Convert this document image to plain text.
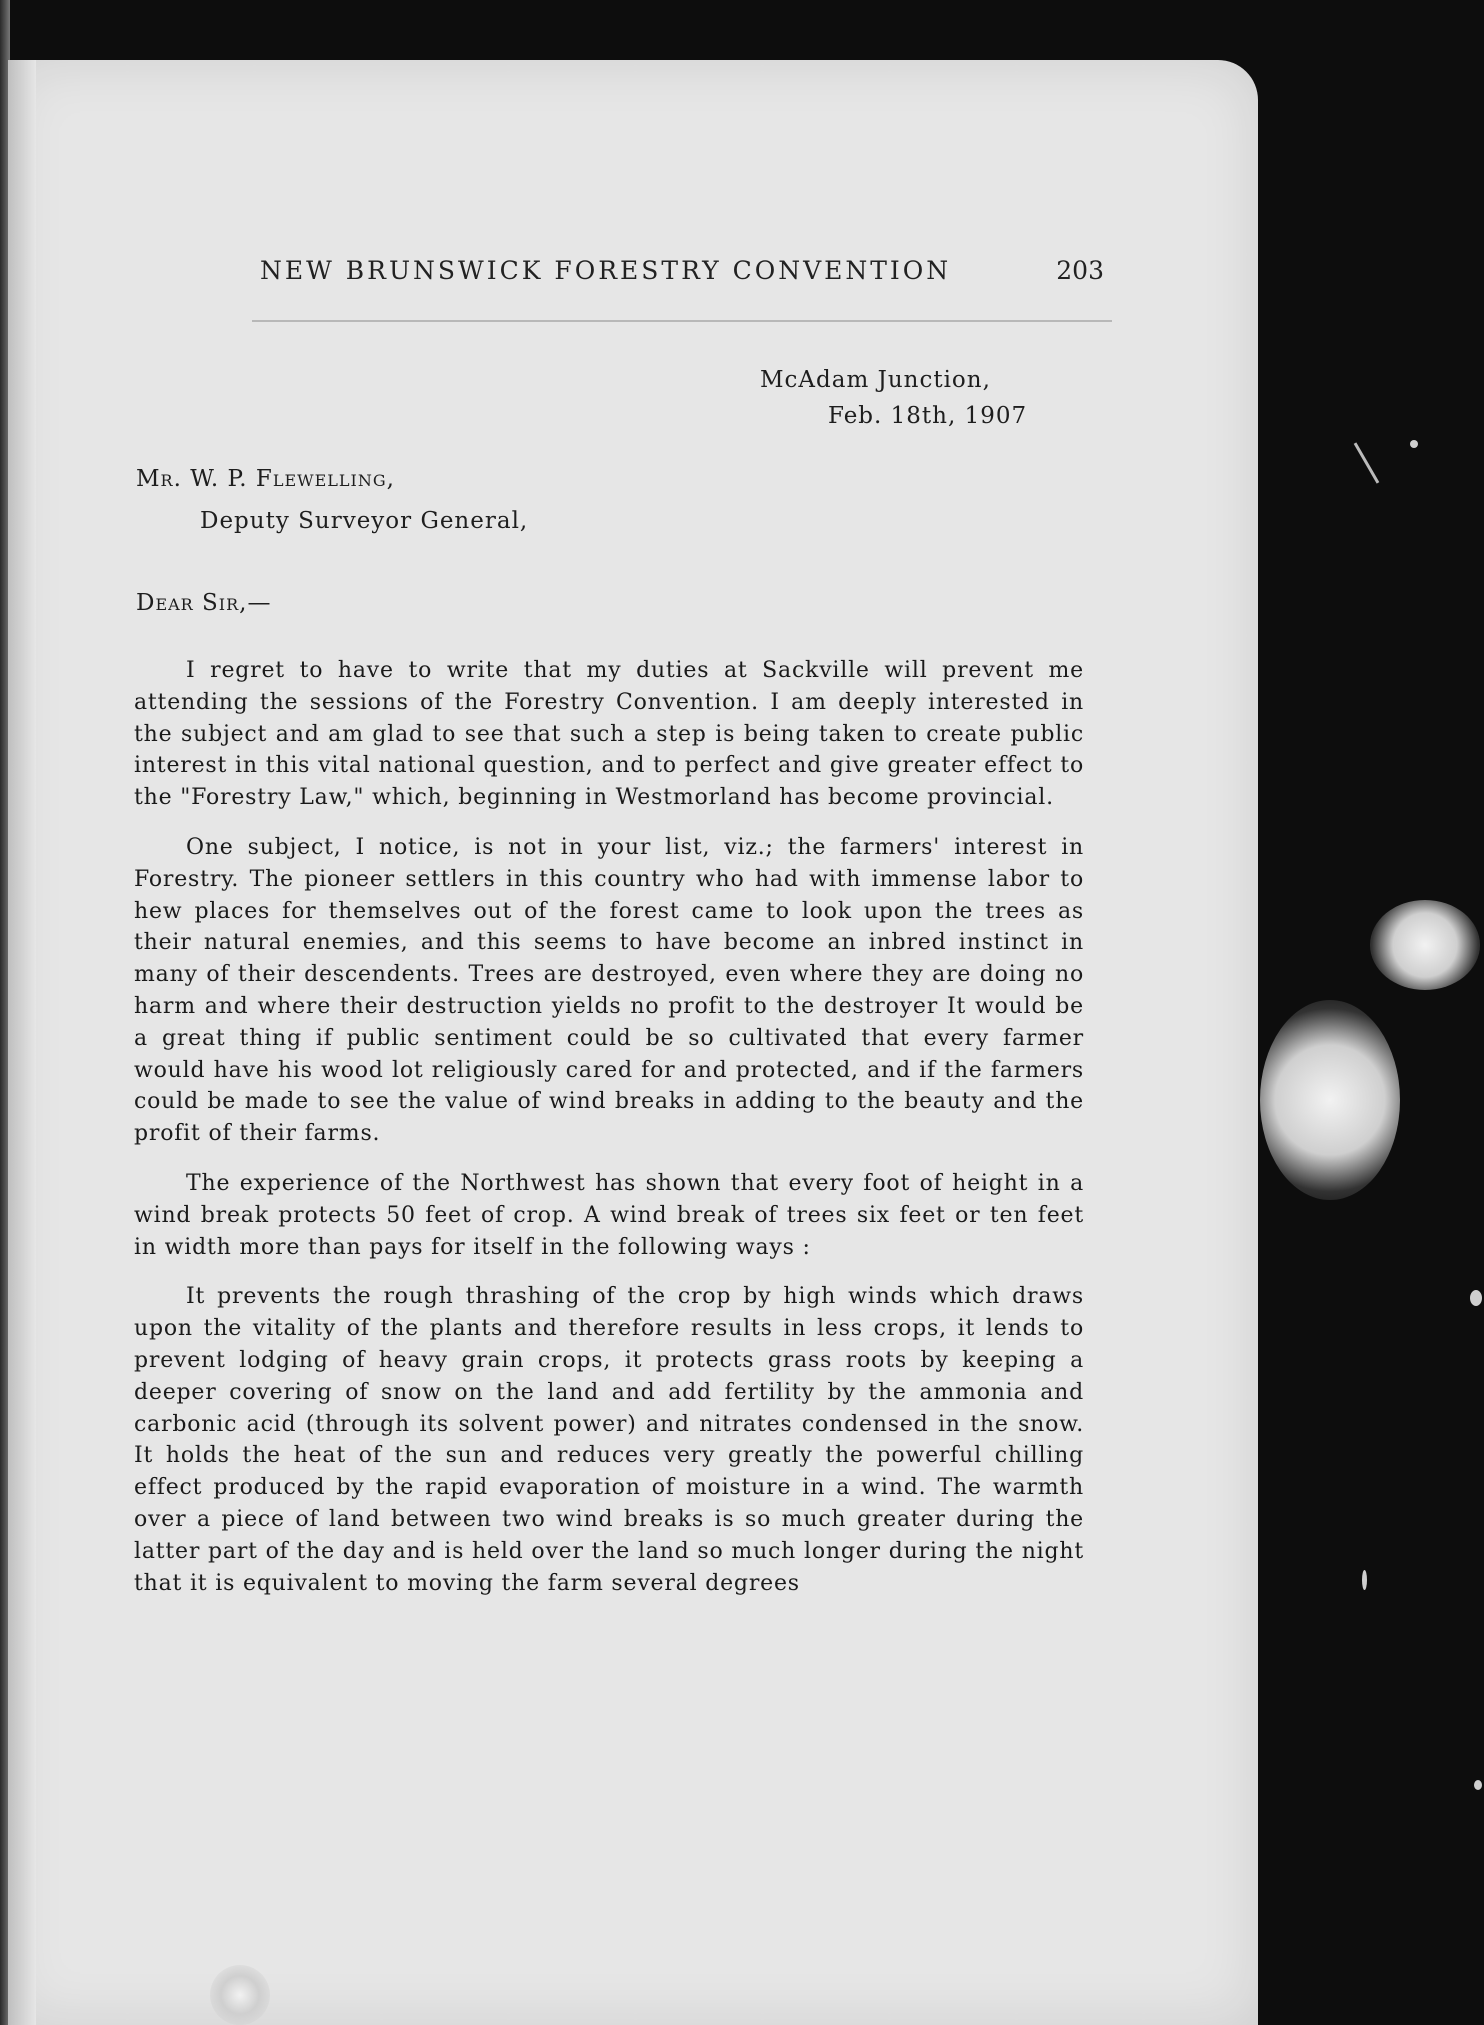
NEW BRUNSWICK FORESTRY CONVENTION	203
McAdam Junction,
Feb. 18th, 1907
Mr. W. P. Flewelling,
Deputy Surveyor General,
Dear Sir,—

I regret to have to write that my duties at Sackville will prevent me attending the sessions of the Forestry Convention. I am deeply interested in the subject and am glad to see that such a step is being taken to create public interest in this vital national question, and to perfect and give greater effect to the "Forestry Law," which, beginning in Westmorland has become provincial.

One subject, I notice, is not in your list, viz.; the farmers' interest in Forestry. The pioneer settlers in this country who had with immense labor to hew places for themselves out of the forest came to look upon the trees as their natural enemies, and this seems to have become an inbred instinct in many of their descendents. Trees are destroyed, even where they are doing no harm and where their destruction yields no profit to the destroyer It would be a great thing if public sentiment could be so cultivated that every farmer would have his wood lot religiously cared for and protected, and if the farmers could be made to see the value of wind breaks in adding to the beauty and the profit of their farms.

The experience of the Northwest has shown that every foot of height in a wind break protects 50 feet of crop. A wind break of trees six feet or ten feet in width more than pays for itself in the following ways :

It prevents the rough thrashing of the crop by high winds which draws upon the vitality of the plants and therefore results in less crops, it lends to prevent lodging of heavy grain crops, it protects grass roots by keeping a deeper covering of snow on the land and add fertility by the ammonia and carbonic acid (through its solvent power) and nitrates condensed in the snow. It holds the heat of the sun and reduces very greatly the powerful chilling effect produced by the rapid evaporation of moisture in a wind. The warmth over a piece of land between two wind breaks is so much greater during the latter part of the day and is held over the land so much longer during the night that it is equivalent to moving the farm several degrees
